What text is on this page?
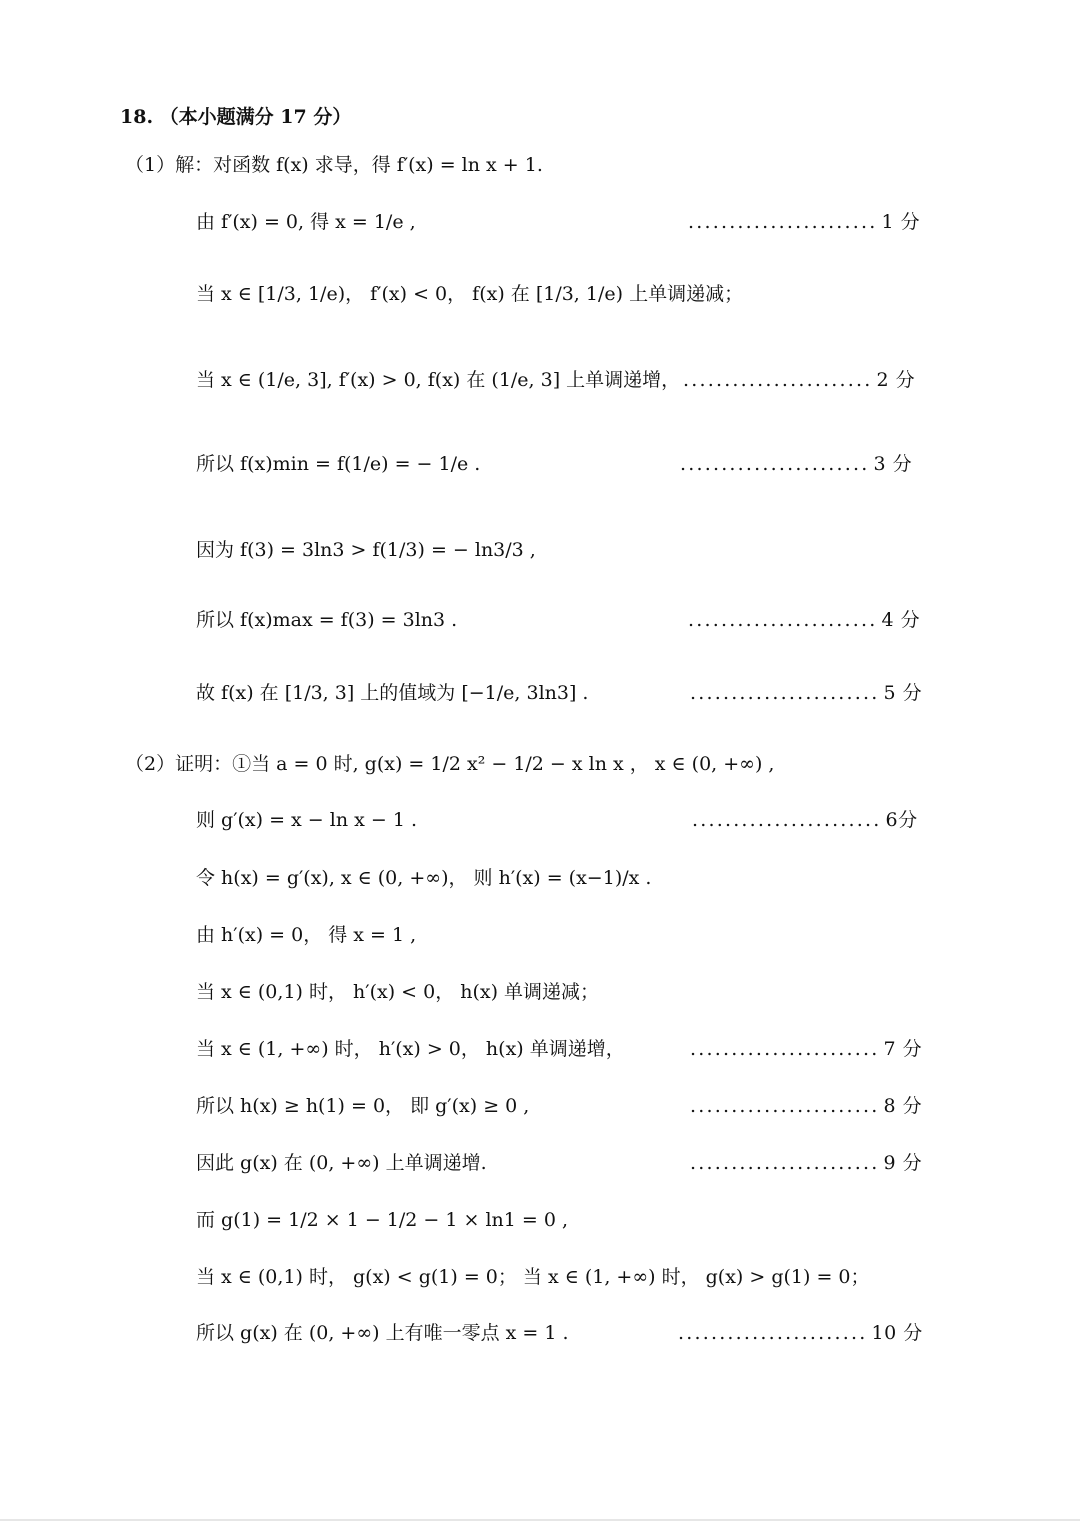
18. （本小题满分 17 分）
（1）解：对函数 f(x) 求导，得 f′(x) = ln x + 1.
由 f′(x) = 0, 得 x = 1/e ,	....................... 1 分
当 x ∈ [1/3, 1/e)， f′(x) < 0， f(x) 在 [1/3, 1/e) 上单调递减；
当 x ∈ (1/e, 3], f′(x) > 0, f(x) 在 (1/e, 3] 上单调递增， ....................... 2 分
所以 f(x)min = f(1/e) = − 1/e .	....................... 3 分
因为 f(3) = 3ln3 > f(1/3) = − ln3/3 ,
所以 f(x)max = f(3) = 3ln3 .	....................... 4 分
故 f(x) 在 [1/3, 3] 上的值域为 [−1/e, 3ln3] .	....................... 5 分
（2）证明：①当 a = 0 时, g(x) = 1/2 x² − 1/2 − x ln x ， x ∈ (0, +∞) ,
则 g′(x) = x − ln x − 1 .	....................... 6分
令 h(x) = g′(x), x ∈ (0, +∞)， 则 h′(x) = (x−1)/x .
由 h′(x) = 0， 得 x = 1 ,
当 x ∈ (0,1) 时， h′(x) < 0， h(x) 单调递减；
当 x ∈ (1, +∞) 时， h′(x) > 0， h(x) 单调递增，	....................... 7 分
所以 h(x) ≥ h(1) = 0， 即 g′(x) ≥ 0 ,	....................... 8 分
因此 g(x) 在 (0, +∞) 上单调递增.	....................... 9 分
而 g(1) = 1/2 × 1 − 1/2 − 1 × ln1 = 0 ,
当 x ∈ (0,1) 时， g(x) < g(1) = 0； 当 x ∈ (1, +∞) 时， g(x) > g(1) = 0；
所以 g(x) 在 (0, +∞) 上有唯一零点 x = 1 .	....................... 10 分
